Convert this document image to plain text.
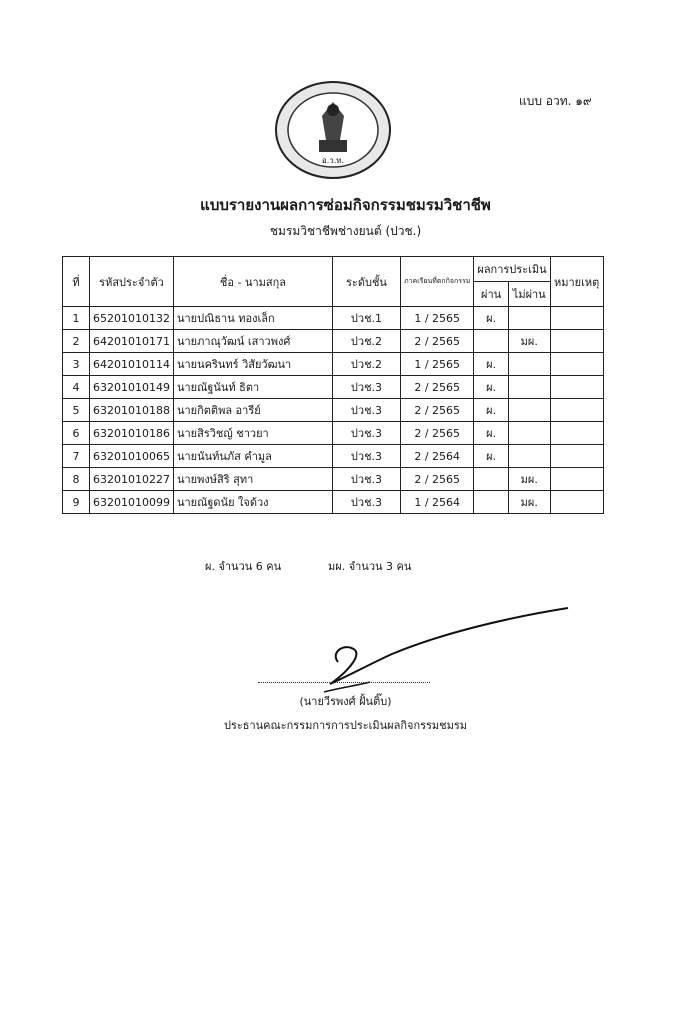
แบบ อวท. ๑๙
อ.ว.ท.
แบบรายงานผลการซ่อมกิจกรรมชมรมวิชาชีพ
ชมรมวิชาชีพช่างยนต์ (ปวช.)
ที่	รหัสประจำตัว	ชื่อ - นามสกุล	ระดับชั้น	ภาคเรียนที่ตกกิจกรรม	ผลการประเมิน		หมายเหตุ
					ผ่าน	ไม่ผ่าน	
1	65201010132	นายปณิธาน ทองเล็ก	ปวช.1	1 / 2565	ผ.		
2	64201010171	นายภาณุวัฒน์ เสาวพงศ์	ปวช.2	2 / 2565		มผ.	
3	64201010114	นายนครินทร์ วิสัยวัฒนา	ปวช.2	1 / 2565	ผ.		
4	63201010149	นายณัฐนันท์ ธิตา	ปวช.3	2 / 2565	ผ.		
5	63201010188	นายกิตติพล อารีย์	ปวช.3	2 / 2565	ผ.		
6	63201010186	นายสิรวิชญ์ ชาวยา	ปวช.3	2 / 2565	ผ.		
7	63201010065	นายนันท์นภัส คำมูล	ปวช.3	2 / 2564	ผ.		
8	63201010227	นายพงษ์สิริ สุทา	ปวช.3	2 / 2565		มผ.	
9	63201010099	นายณัฐดนัย ใจด้วง	ปวช.3	1 / 2564		มผ.	
ผ. จำนวน 6 คน	มผ. จำนวน 3 คน
(นายวีรพงศ์ ฝั้นติ๊บ)
ประธานคณะกรรมการการประเมินผลกิจกรรมชมรม
